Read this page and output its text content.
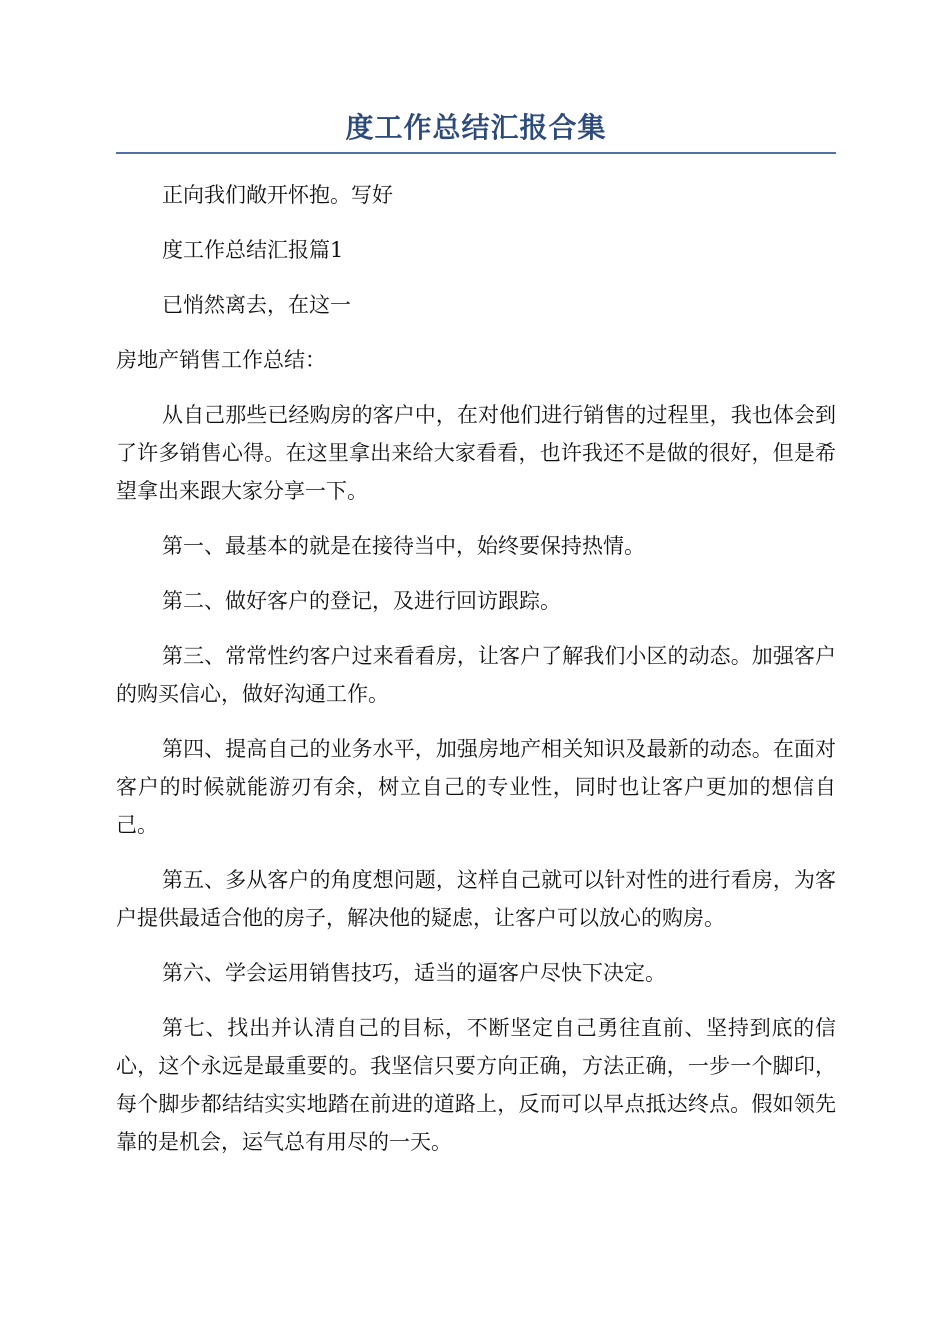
度工作总结汇报合集

正向我们敞开怀抱。写好

度工作总结汇报篇1

已悄然离去，在这一

房地产销售工作总结：

从自己那些已经购房的客户中，在对他们进行销售的过程里，我也体会到了许多销售心得。在这里拿出来给大家看看，也许我还不是做的很好，但是希望拿出来跟大家分享一下。

第一、最基本的就是在接待当中，始终要保持热情。

第二、做好客户的登记，及进行回访跟踪。

第三、常常性约客户过来看看房，让客户了解我们小区的动态。加强客户的购买信心，做好沟通工作。

第四、提高自己的业务水平，加强房地产相关知识及最新的动态。在面对客户的时候就能游刃有余，树立自己的专业性，同时也让客户更加的想信自己。

第五、多从客户的角度想问题，这样自己就可以针对性的进行看房，为客户提供最适合他的房子，解决他的疑虑，让客户可以放心的购房。

第六、学会运用销售技巧，适当的逼客户尽快下决定。

第七、找出并认清自己的目标，不断坚定自己勇往直前、坚持到底的信心，这个永远是最重要的。我坚信只要方向正确，方法正确，一步一个脚印，每个脚步都结结实实地踏在前进的道路上，反而可以早点抵达终点。假如领先靠的是机会，运气总有用尽的一天。
